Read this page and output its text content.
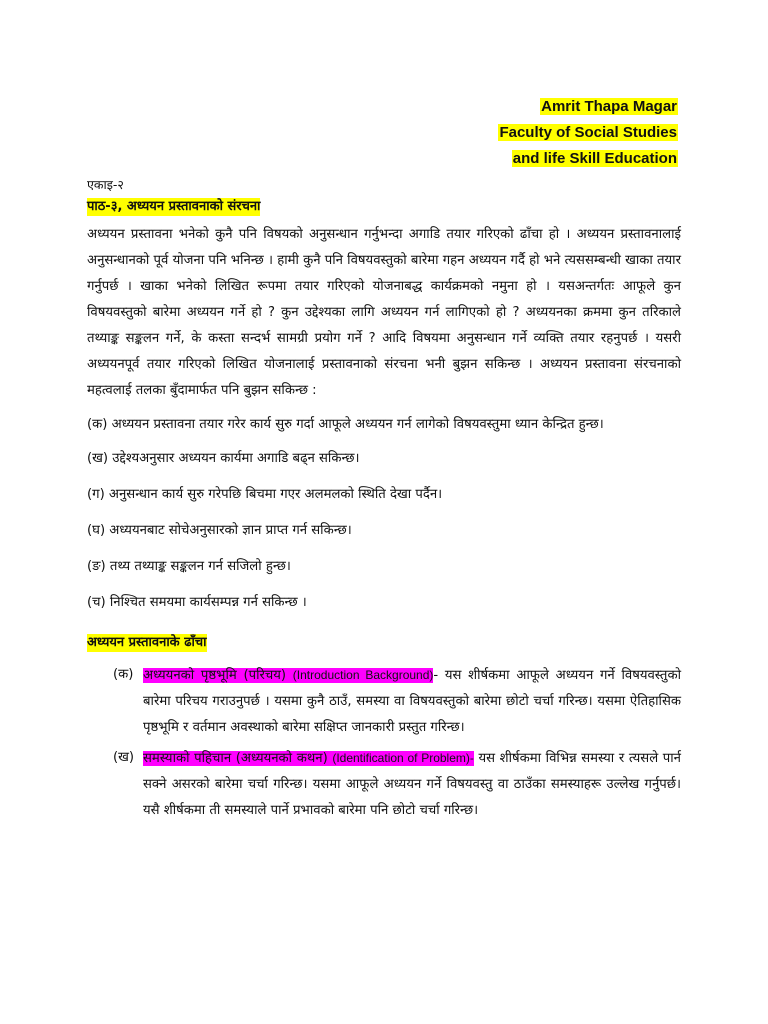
Amrit Thapa Magar
Faculty of Social Studies
and life Skill Education
एकाइ-२
पाठ-३, अध्ययन प्रस्तावनाको संरचना

अध्ययन प्रस्तावना भनेको कुनै पनि विषयको अनुसन्धान गर्नुभन्दा अगाडि तयार गरिएको ढाँचा हो । अध्ययन प्रस्तावनालाई अनुसन्धानको पूर्व योजना पनि भनिन्छ । हामी कुनै पनि विषयवस्तुको बारेमा गहन अध्ययन गर्दै हो भने त्यससम्बन्धी खाका तयार गर्नुपर्छ । खाका भनेको लिखित रूपमा तयार गरिएको योजनाबद्ध कार्यक्रमको नमुना हो । यसअन्तर्गतः आफूले कुन विषयवस्तुको बारेमा अध्ययन गर्ने हो ? कुन उद्देश्यका लागि अध्ययन गर्न लागिएको हो ? अध्ययनका क्रममा कुन तरिकाले तथ्याङ्क सङ्कलन गर्ने, के कस्ता सन्दर्भ सामग्री प्रयोग गर्ने ? आदि विषयमा अनुसन्धान गर्ने व्यक्ति तयार रहनुपर्छ । यसरी अध्ययनपूर्व तयार गरिएको लिखित योजनालाई प्रस्तावनाको संरचना भनी बुझन सकिन्छ । अध्ययन प्रस्तावना संरचनाको महत्वलाई तलका बुँदामार्फत पनि बुझन सकिन्छ :

(क) अध्ययन प्रस्तावना तयार गरेर कार्य सुरु गर्दा आफूले अध्ययन गर्न लागेको विषयवस्तुमा ध्यान केन्द्रित हुन्छ।

(ख) उद्देश्यअनुसार अध्ययन कार्यमा अगाडि बढ्न सकिन्छ।

(ग) अनुसन्धान कार्य सुरु गरेपछि बिचमा गएर अलमलको स्थिति देखा पर्दैन।

(घ) अध्ययनबाट सोचेअनुसारको ज्ञान प्राप्त गर्न सकिन्छ।

(ङ) तथ्य तथ्याङ्क सङ्कलन गर्न सजिलो हुन्छ।

(च) निश्चित समयमा कार्यसम्पन्न गर्न सकिन्छ ।

अध्ययन प्रस्तावनाके ढाँचा
(क) अध्ययनको पृष्ठभूमि (परिचय) (Introduction Background)- यस शीर्षकमा आफूले अध्ययन गर्ने विषयवस्तुको बारेमा परिचय गराउनुपर्छ । यसमा कुनै ठाउँ, समस्या वा विषयवस्तुको बारेमा छोटो चर्चा गरिन्छ। यसमा ऐतिहासिक पृष्ठभूमि र वर्तमान अवस्थाको बारेमा सक्षिप्त जानकारी प्रस्तुत गरिन्छ।
(ख) समस्याको पहिचान (अध्ययनको कथन) (Identification of Problem)- यस शीर्षकमा विभिन्न समस्या र त्यसले पार्न सक्ने असरको बारेमा चर्चा गरिन्छ। यसमा आफूले अध्ययन गर्ने विषयवस्तु वा ठाउँका समस्याहरू उल्लेख गर्नुपर्छ। यसै शीर्षकमा ती समस्याले पार्ने प्रभावको बारेमा पनि छोटो चर्चा गरिन्छ।
